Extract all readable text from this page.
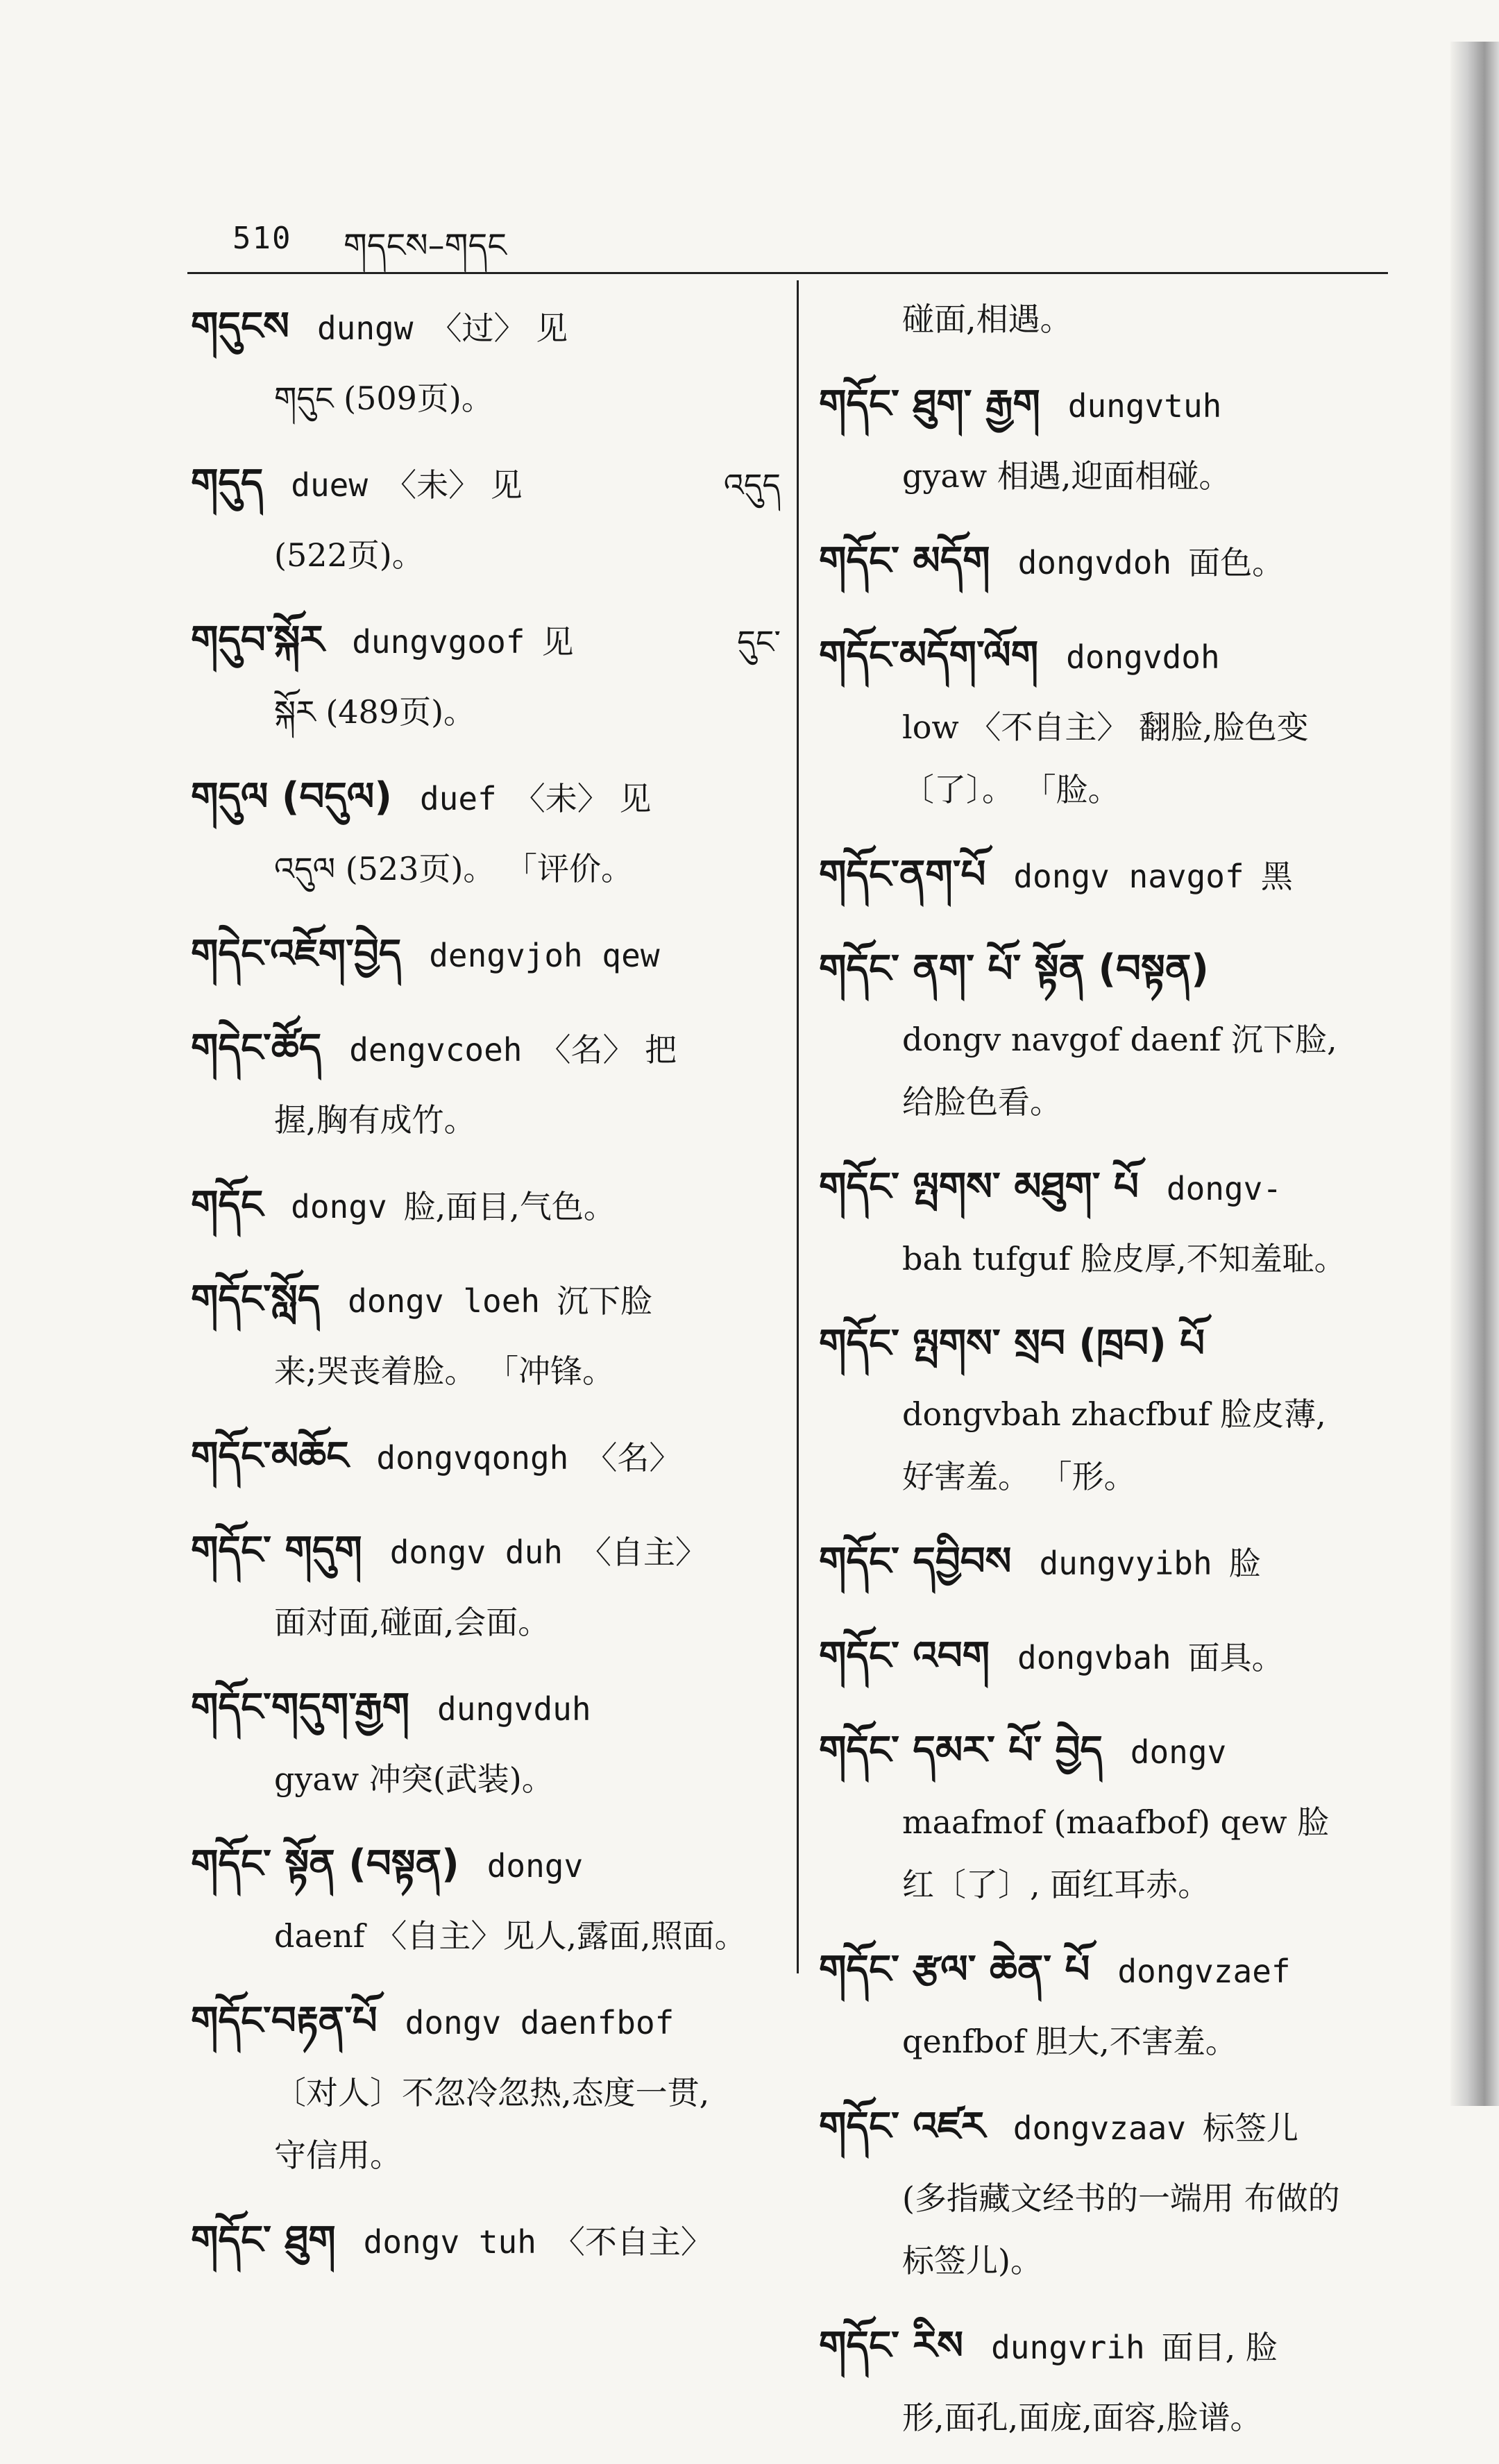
510 གདངས–གདང
གདུངས dungw 〈过〉 见
གདུང (509页)。
གདུད duew 〈未〉 见	འདུད
(522页)。
གདུབ་སྐོར dungvgoof 见	དུང་
སྐོར (489页)。
གདུལ (བདུལ) duef 〈未〉 见
འདུལ (523页)。 「评价。
གདེང་འཇོག་བྱེད dengvjoh qew
གདེང་ཚོད dengvcoeh 〈名〉 把
握,胸有成竹。
གདོང dongv 脸,面目,气色。
གདོང་སློད dongv loeh 沉下脸
来;哭丧着脸。 「冲锋。
གདོང་མཆོང dongvqongh 〈名〉
གདོང་ གདུག dongv duh 〈自主〉
面对面,碰面,会面。
གདོང་གདུག་རྒྱག dungvduh
gyaw 冲突(武装)。
གདོང་ སྟོན (བསྟན) dongv
daenf 〈自主〉见人,露面,照面。
གདོང་བརྟན་པོ dongv daenfbof
〔对人〕不忽冷忽热,态度一贯,
守信用。
གདོང་ ཐུག dongv tuh 〈不自主〉
碰面,相遇。
གདོང་ ཐུག་ རྒྱག dungvtuh
gyaw 相遇,迎面相碰。
གདོང་ མདོག dongvdoh 面色。
གདོང་མདོག་ལོག dongvdoh
low 〈不自主〉 翻脸,脸色变
〔了〕。 「脸。
གདོང་ནག་པོ dongv navgof 黑
གདོང་ ནག་ པོ་ སྟོན (བསྟན)
dongv navgof daenf 沉下脸,
给脸色看。
གདོང་ ལྤགས་ མཐུག་ པོ dongv-
bah tufguf 脸皮厚,不知羞耻。
གདོང་ ལྤགས་ སྲབ (ཁྲབ) པོ
dongvbah zhacfbuf 脸皮薄,
好害羞。 「形。
གདོང་ དབྱིབས dungvyibh 脸
གདོང་ འབག dongvbah 面具。
གདོང་ དམར་ པོ་ བྱེད dongv
maafmof (maafbof) qew 脸
红〔了〕, 面红耳赤。
གདོང་ རྩལ་ ཆེན་ པོ dongvzaef
qenfbof 胆大,不害羞。
གདོང་ འཛར dongvzaav 标签儿
(多指藏文经书的一端用 布做的
标签儿)。
གདོང་ རིས dungvrih 面目, 脸
形,面孔,面庞,面容,脸谱。
